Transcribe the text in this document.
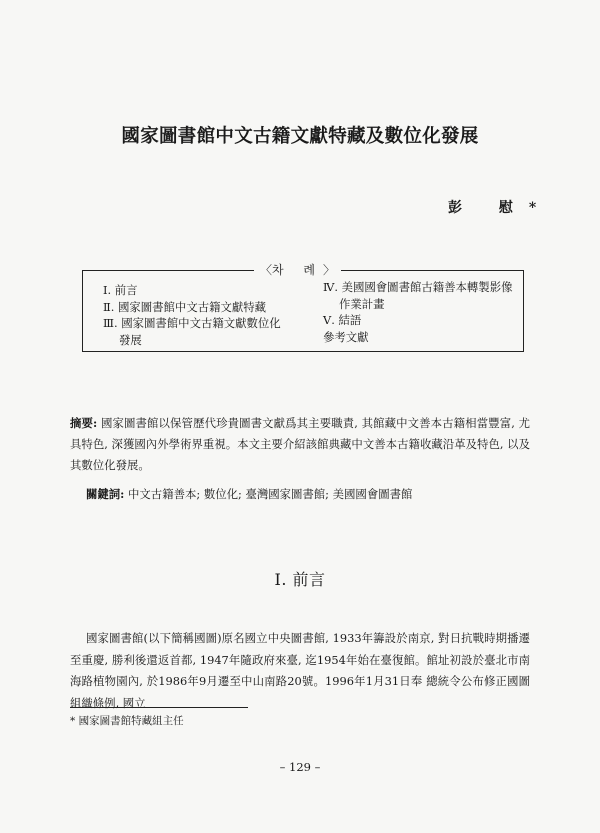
國家圖書館中文古籍文獻特藏及數位化發展
彭 慰*
〈차 례〉
Ⅰ. 前言
Ⅱ. 國家圖書館中文古籍文獻特藏
Ⅲ. 國家圖書館中文古籍文獻數位化
發展
Ⅳ. 美國國會圖書館古籍善本轉製影像
作業計畫
Ⅴ. 結語
參考文獻
摘要: 國家圖書館以保管歷代珍貴圖書文獻爲其主要職責, 其館藏中文善本古籍相當豐富, 尤具特色, 深獲國內外學術界重視。本文主要介紹該館典藏中文善本古籍收藏沿革及特色, 以及其數位化發展。
關鍵詞: 中文古籍善本; 數位化; 臺灣國家圖書館; 美國國會圖書館
Ⅰ. 前言
國家圖書館(以下簡稱國圖)原名國立中央圖書館, 1933年籌設於南京, 對日抗戰時期播遷至重慶, 勝利後還返首都, 1947年隨政府來臺, 迄1954年始在臺復館。館址初設於臺北市南海路植物園內, 於1986年9月遷至中山南路20號。1996年1月31日奉 總統令公布修正國圖組織條例, 國立
* 國家圖書館特藏組主任
– 129 –
